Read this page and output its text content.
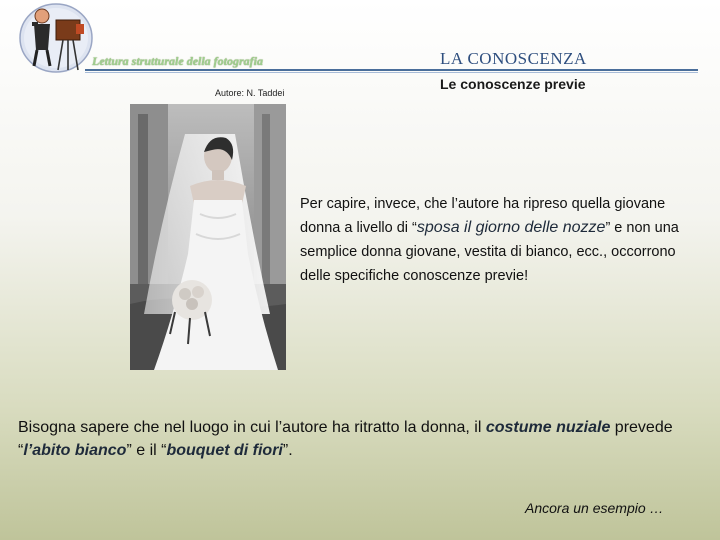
Lettura strutturale della fotografia	LA CONOSCENZA
Le conoscenze previe
Autore: N. Taddei
Per capire, invece, che l’autore ha ripreso quella giovane donna a livello di “sposa il giorno delle nozze” e non una semplice donna giovane, vestita di bianco, ecc., occorrono delle specifiche conoscenze previe!
Bisogna sapere che nel luogo in cui l’autore ha ritratto la donna, il costume nuziale prevede “l’abito bianco” e il “bouquet di fiori”.
Ancora un esempio …
